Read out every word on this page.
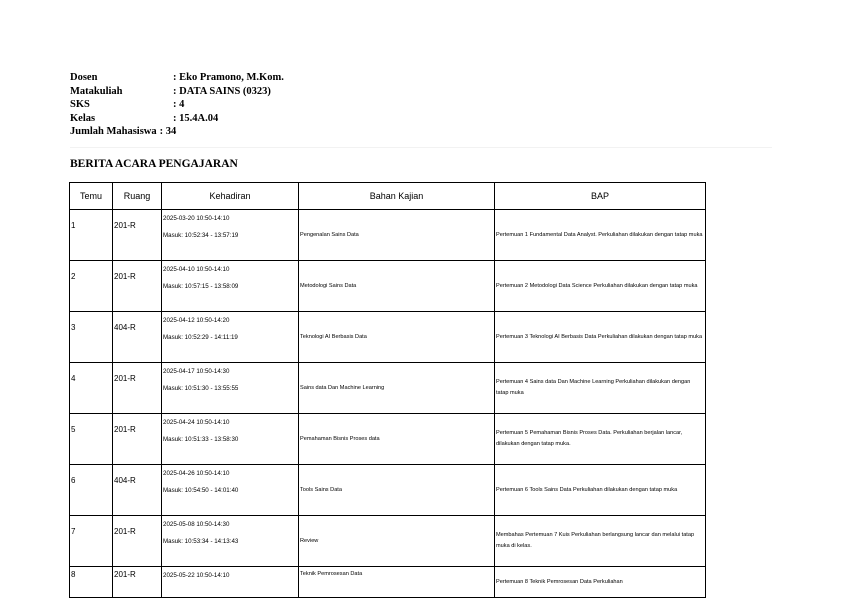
Dosen	: Eko Pramono, M.Kom.
Matakuliah	: DATA SAINS (0323)
SKS	: 4
Kelas	: 15.4A.04
Jumlah Mahasiswa : 34
BERITA ACARA PENGAJARAN
Temu	Ruang	Kehadiran	Bahan Kajian	BAP
1	201-R	2025-03-20 10:50-14:10
Masuk: 10:52:34 - 13:57:19	Pengenalan Sains Data	Pertemuan 1 Fundamental Data Analyst. Perkuliahan dilakukan dengan tatap muka
2	201-R	2025-04-10 10:50-14:10
Masuk: 10:57:15 - 13:58:09	Metodologi Sains Data	Pertemuan 2 Metodologi Data Science Perkuliahan dilakukan dengan tatap muka
3	404-R	2025-04-12 10:50-14:20
Masuk: 10:52:29 - 14:11:19	Teknologi AI Berbasis Data	Pertemuan 3 Teknologi AI Berbasis Data Perkuliahan dilakukan dengan tatap muka
4	201-R	2025-04-17 10:50-14:30
Masuk: 10:51:30 - 13:55:55	Sains data Dan Machine Learning	Pertemuan 4 Sains data Dan Machine Learning Perkuliahan dilakukan dengan tatap muka
5	201-R	2025-04-24 10:50-14:10
Masuk: 10:51:33 - 13:58:30	Pemahaman Bisnis Proses data	Pertemuan 5 Pemahaman Bisnis Proses Data. Perkuliahan berjalan lancar, dilakukan dengan tatap muka.
6	404-R	2025-04-26 10:50-14:10
Masuk: 10:54:50 - 14:01:40	Tools Sains Data	Pertemuan 6 Tools Sains Data Perkuliahan dilakukan dengan tatap muka
7	201-R	2025-05-08 10:50-14:30
Masuk: 10:53:34 - 14:13:43	Review	Membahas Pertemuan 7 Kuis Perkuliahan berlangsung lancar dan melalui tatap muka di kelas.
8	201-R	2025-05-22 10:50-14:10	Teknik Pemrosesan Data	Pertemuan 8 Teknik Pemrosesan Data Perkuliahan
